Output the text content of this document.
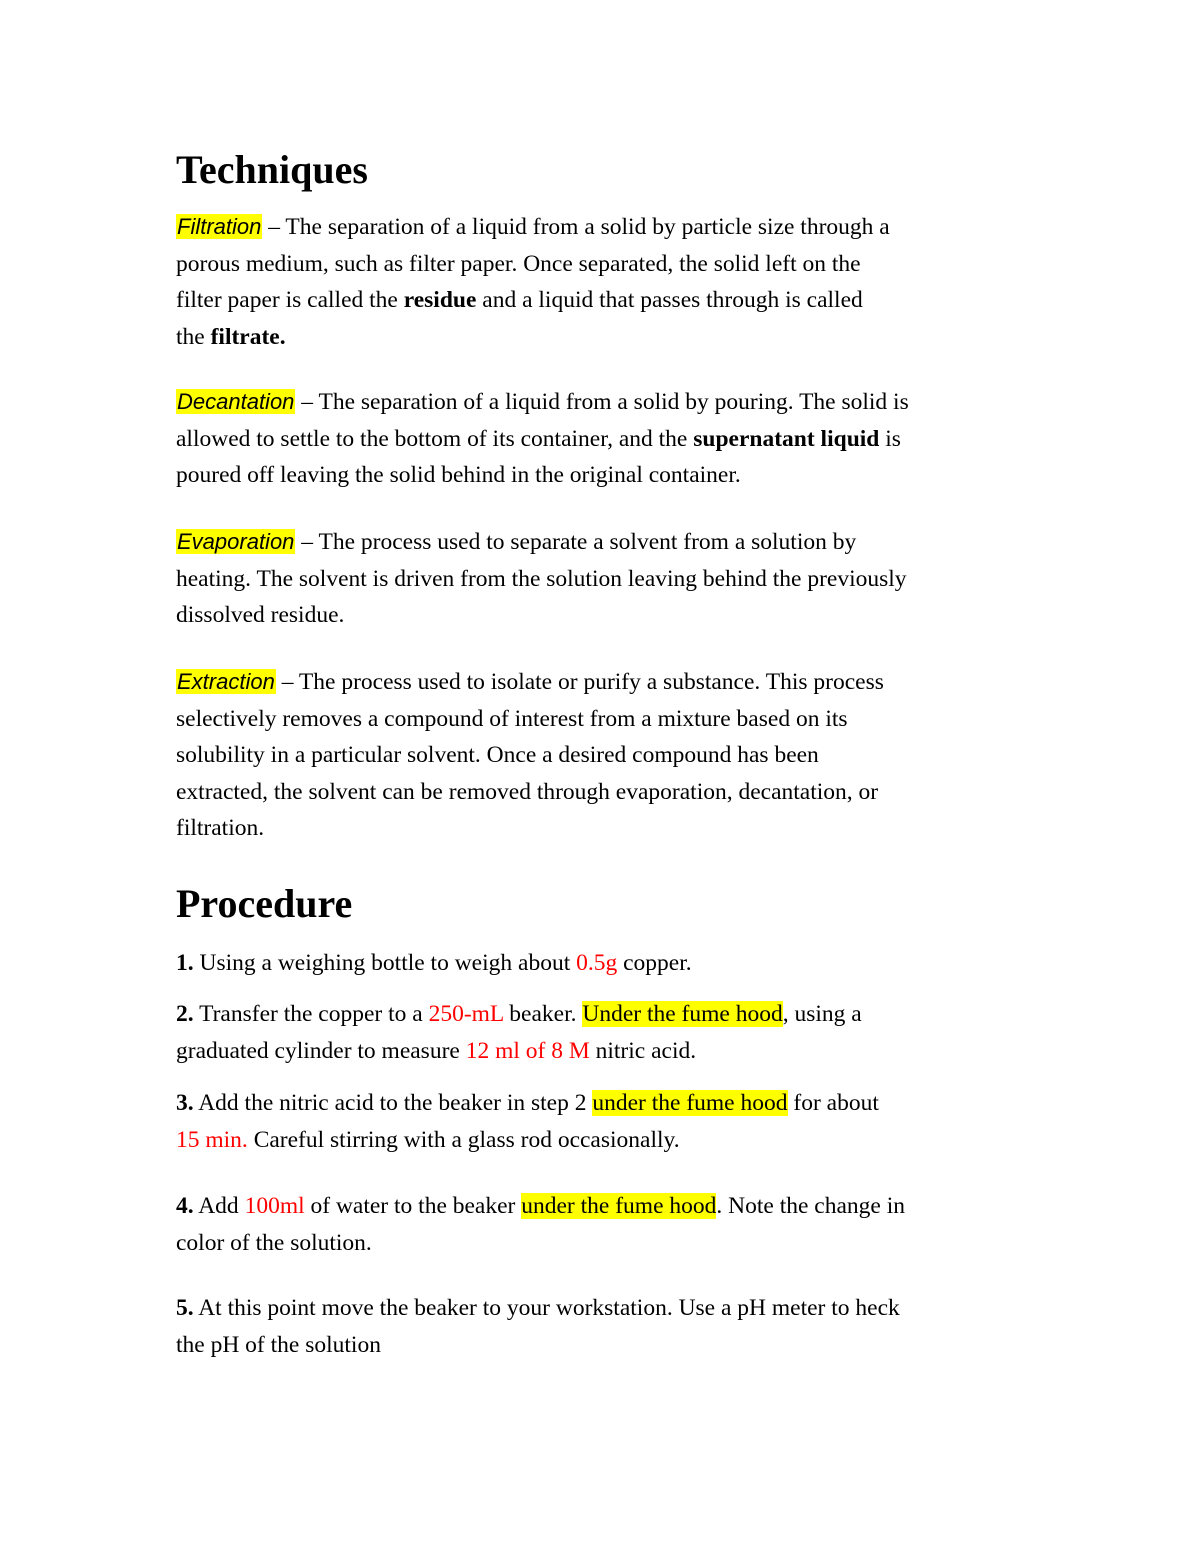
Techniques

Filtration – The separation of a liquid from a solid by particle size through a
porous medium, such as filter paper. Once separated, the solid left on the
filter paper is called the residue and a liquid that passes through is called
the filtrate.

Decantation – The separation of a liquid from a solid by pouring. The solid is
allowed to settle to the bottom of its container, and the supernatant liquid is
poured off leaving the solid behind in the original container.

Evaporation – The process used to separate a solvent from a solution by
heating. The solvent is driven from the solution leaving behind the previously
dissolved residue.

Extraction – The process used to isolate or purify a substance. This process
selectively removes a compound of interest from a mixture based on its
solubility in a particular solvent. Once a desired compound has been
extracted, the solvent can be removed through evaporation, decantation, or
filtration.

Procedure

1. Using a weighing bottle to weigh about 0.5g copper.

2. Transfer the copper to a 250-mL beaker. Under the fume hood, using a
graduated cylinder to measure 12 ml of 8 M nitric acid.

3. Add the nitric acid to the beaker in step 2 under the fume hood for about
15 min. Careful stirring with a glass rod occasionally.

4. Add 100ml of water to the beaker under the fume hood. Note the change in
color of the solution.

5. At this point move the beaker to your workstation. Use a pH meter to heck
the pH of the solution
